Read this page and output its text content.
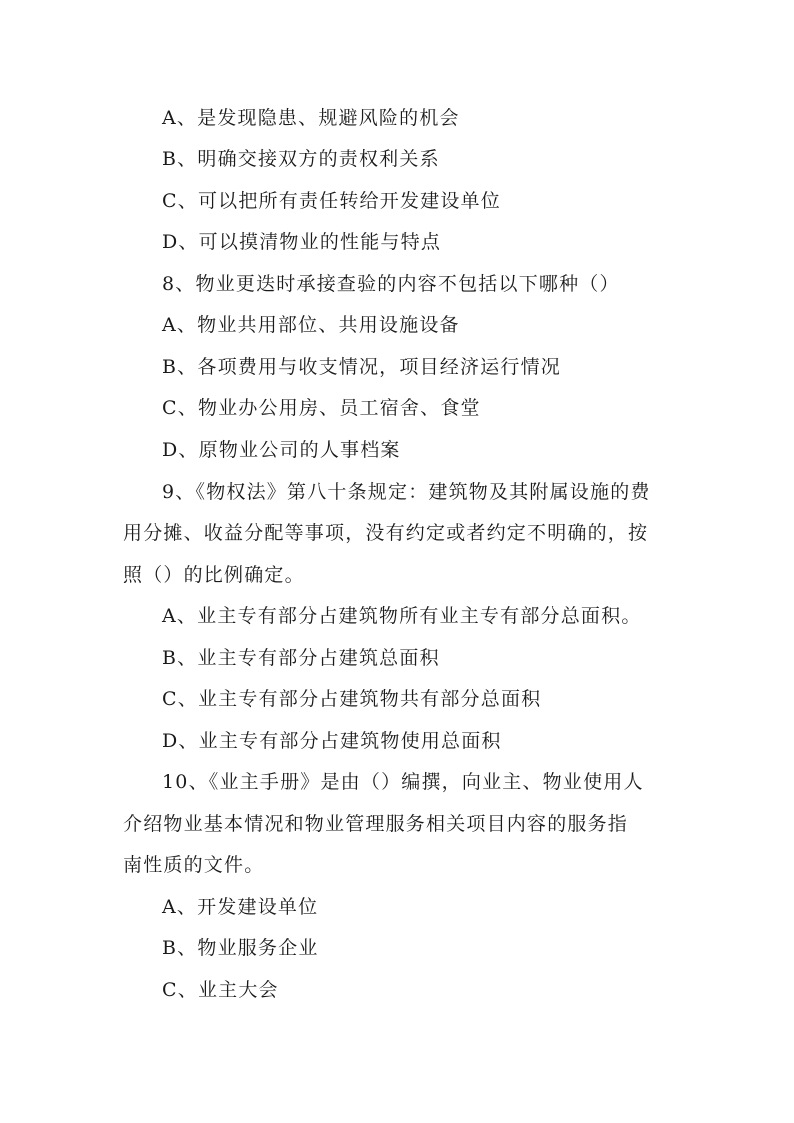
A、是发现隐患、规避风险的机会
B、明确交接双方的责权利关系
C、可以把所有责任转给开发建设单位
D、可以摸清物业的性能与特点
8、物业更迭时承接查验的内容不包括以下哪种（）
A、物业共用部位、共用设施设备
B、各项费用与收支情况，项目经济运行情况
C、物业办公用房、员工宿舍、食堂
D、原物业公司的人事档案
9、《物权法》第八十条规定：建筑物及其附属设施的费
用分摊、收益分配等事项，没有约定或者约定不明确的，按
照（）的比例确定。
A、业主专有部分占建筑物所有业主专有部分总面积。
B、业主专有部分占建筑总面积
C、业主专有部分占建筑物共有部分总面积
D、业主专有部分占建筑物使用总面积
10、《业主手册》是由（）编撰，向业主、物业使用人
介绍物业基本情况和物业管理服务相关项目内容的服务指
南性质的文件。
A、开发建设单位
B、物业服务企业
C、业主大会
